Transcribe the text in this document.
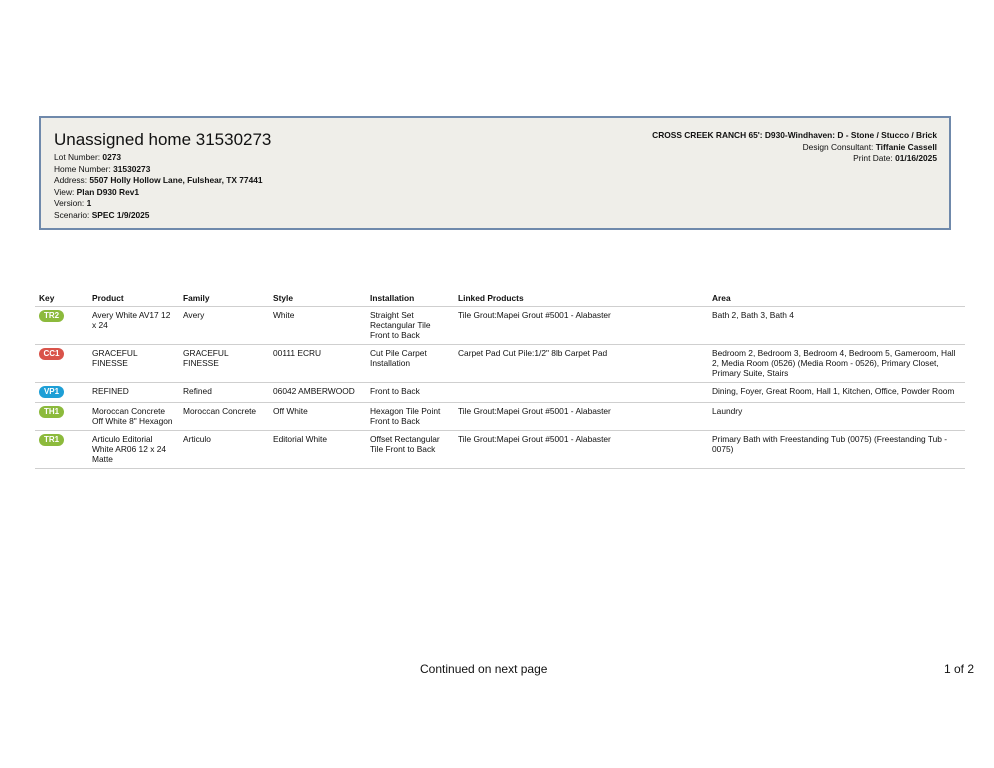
Unassigned home 31530273
Lot Number: 0273
Home Number: 31530273
Address: 5507 Holly Hollow Lane, Fulshear, TX 77441
View: Plan D930 Rev1
Version: 1
Scenario: SPEC 1/9/2025
CROSS CREEK RANCH 65': D930-Windhaven: D - Stone / Stucco / Brick
Design Consultant: Tiffanie Cassell
Print Date: 01/16/2025
Key	Product	Family	Style	Installation	Linked Products	Area
TR2	Avery White AV17 12 x 24	Avery	White	Straight Set Rectangular Tile Front to Back	Tile Grout:Mapei Grout #5001 - Alabaster	Bath 2, Bath 3, Bath 4
CC1	GRACEFUL FINESSE	GRACEFUL FINESSE	00111 ECRU	Cut Pile Carpet Installation	Carpet Pad Cut Pile:1/2" 8lb Carpet Pad	Bedroom 2, Bedroom 3, Bedroom 4, Bedroom 5, Gameroom, Hall 2, Media Room (0526) (Media Room - 0526), Primary Closet, Primary Suite, Stairs
VP1	REFINED	Refined	06042 AMBERWOOD	Front to Back		Dining, Foyer, Great Room, Hall 1, Kitchen, Office, Powder Room
TH1	Moroccan Concrete Off White 8" Hexagon	Moroccan Concrete	Off White	Hexagon Tile Point Front to Back	Tile Grout:Mapei Grout #5001 - Alabaster	Laundry
TR1	Articulo Editorial White AR06 12 x 24 Matte	Articulo	Editorial White	Offset Rectangular Tile Front to Back	Tile Grout:Mapei Grout #5001 - Alabaster	Primary Bath with Freestanding Tub (0075) (Freestanding Tub - 0075)
Continued on next page	1 of 2
